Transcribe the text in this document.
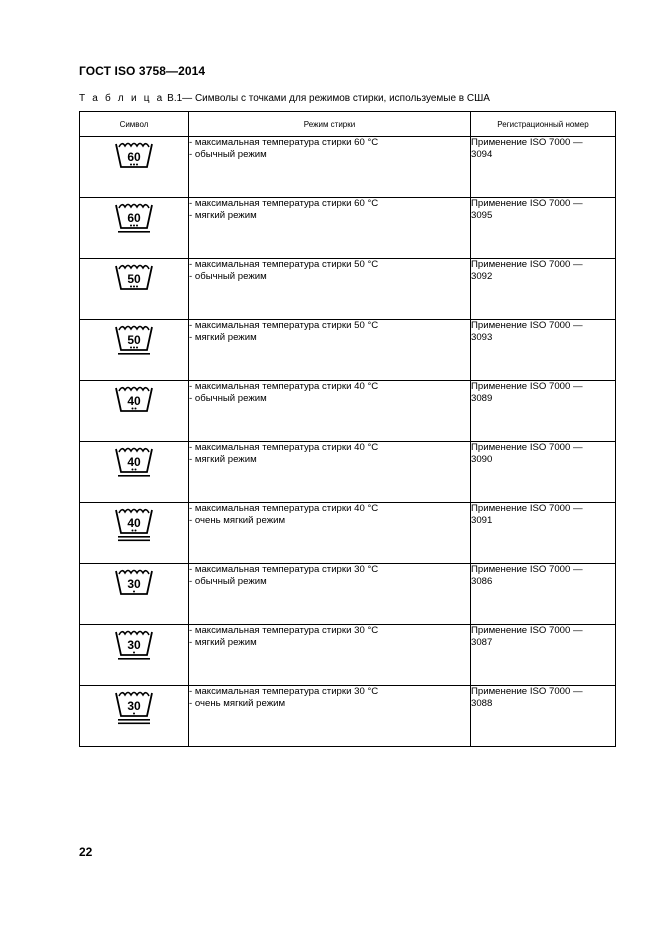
ГОСТ ISO 3758—2014
Т а б л и ц а В.1— Символы с точками для режимов стирки, используемые в США
Символ	Режим стирки	Регистрационный номер

60	- максимальная температура стирки 60 °С
- обычный режим	Применение ISO 7000 —
3094

60	- максимальная температура стирки 60 °С
- мягкий режим	Применение ISO 7000 —
3095

50	- максимальная температура стирки 50 °С
- обычный режим	Применение ISO 7000 —
3092

50	- максимальная температура стирки 50 °С
- мягкий режим	Применение ISO 7000 —
3093

40	- максимальная температура стирки 40 °С
- обычный режим	Применение ISO 7000 —
3089

40	- максимальная температура стирки 40 °С
- мягкий режим	Применение ISO 7000 —
3090

40	- максимальная температура стирки 40 °С
- очень мягкий режим	Применение ISO 7000 —
3091

30	- максимальная температура стирки 30 °С
- обычный режим	Применение ISO 7000 —
3086

30	- максимальная температура стирки 30 °С
- мягкий режим	Применение ISO 7000 —
3087

30	- максимальная температура стирки 30 °С
- очень мягкий режим	Применение ISO 7000 —
3088
22
